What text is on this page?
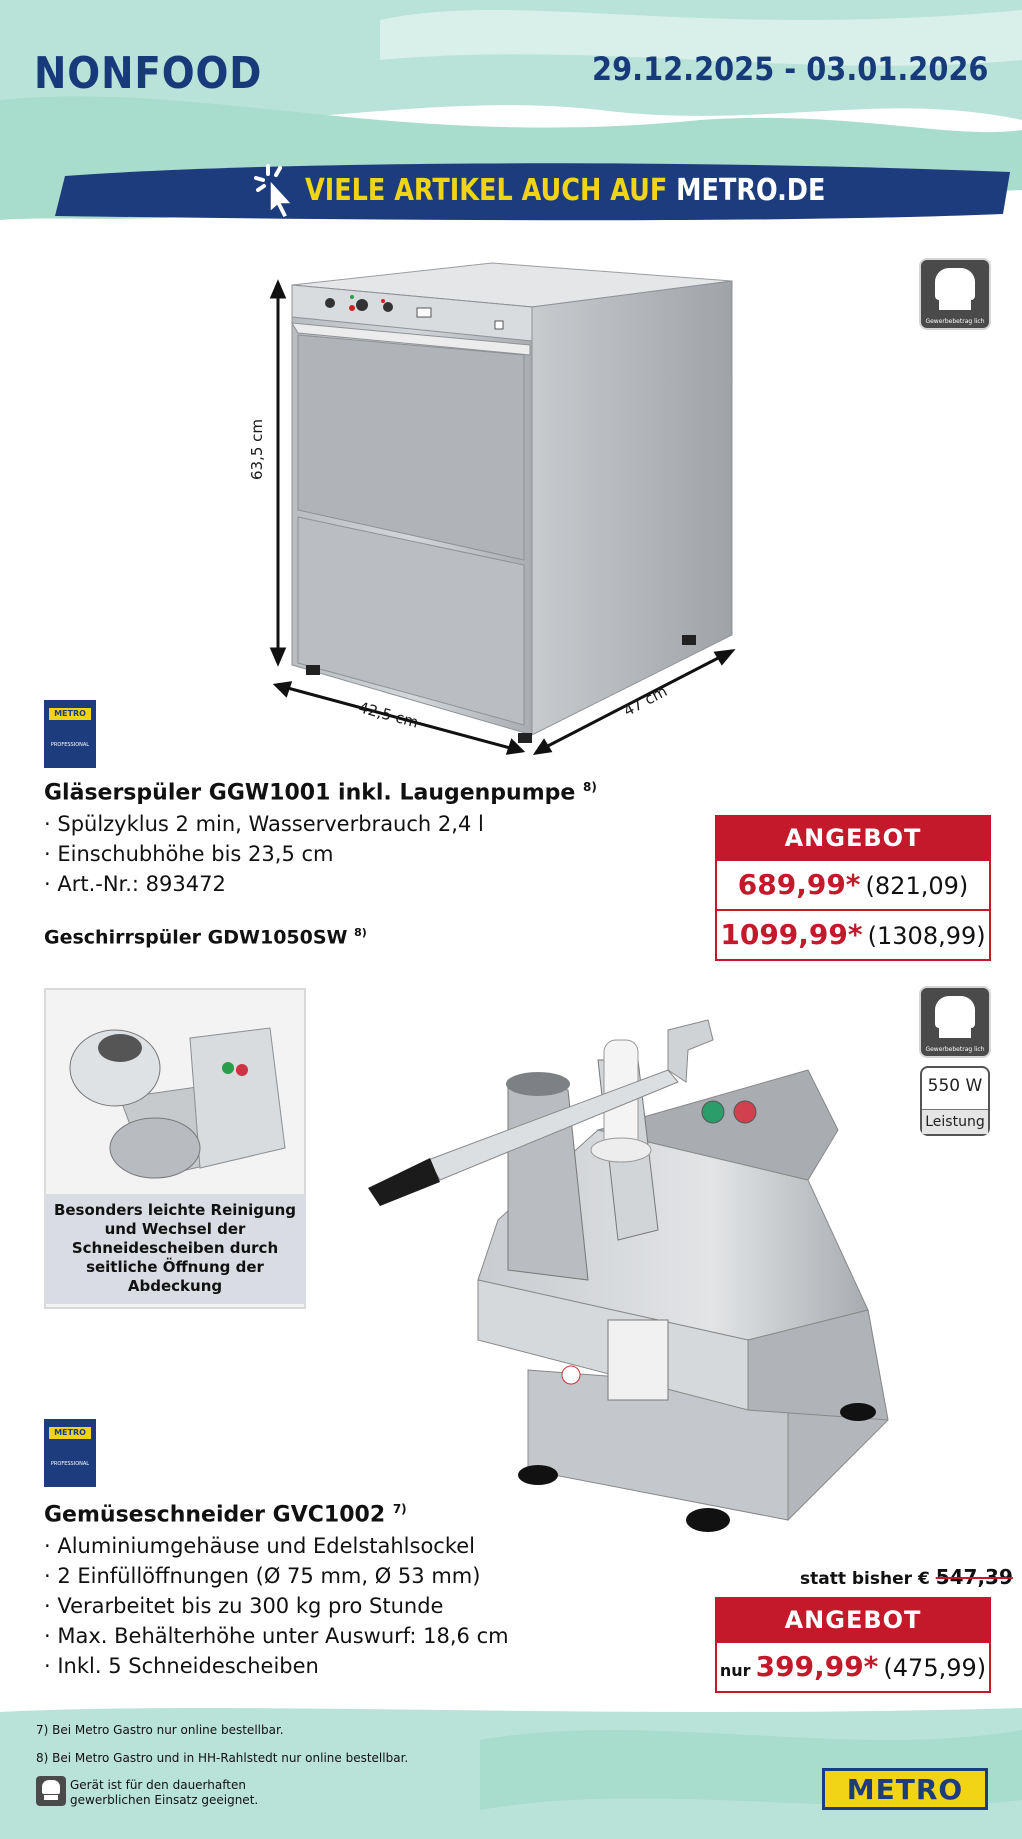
NONFOOD	29.12.2025 - 03.01.2026
VIELE ARTIKEL AUCH AUF METRO.DE
63,5 cm
42,5 cm	47 cm
Gewerbebetrag lich
METRO
PROFESSIONAL
Gläserspüler GGW1001 inkl. Laugenpumpe $^{8)}$
· Spülzyklus 2 min, Wasserverbrauch 2,4 l
· Einschubhöhe bis 23,5 cm
· Art.-Nr.: 893472
Geschirrspüler GDW1050SW $^{8)}$
ANGEBOT
689,99* (821,09)
1099,99* (1308,99)
Besonders leichte Reinigung und Wechsel der Schneidescheiben durch seitliche Öffnung der Abdeckung
Gewerbebetrag lich
550 W
Leistung
METRO
PROFESSIONAL
Gemüseschneider GVC1002 $^{7)}$
· Aluminiumgehäuse und Edelstahlsockel
· 2 Einfüllöffnungen (Ø 75 mm, Ø 53 mm)
· Verarbeitet bis zu 300 kg pro Stunde
· Max. Behälterhöhe unter Auswurf: 18,6 cm
· Inkl. 5 Schneidescheiben
statt bisher € 547,39
ANGEBOT
nur 399,99* (475,99)
7) Bei Metro Gastro nur online bestellbar.
8) Bei Metro Gastro und in HH-Rahlstedt nur online bestellbar.
Gerät ist für den dauerhaften
gewerblichen Einsatz geeignet.	METRO
